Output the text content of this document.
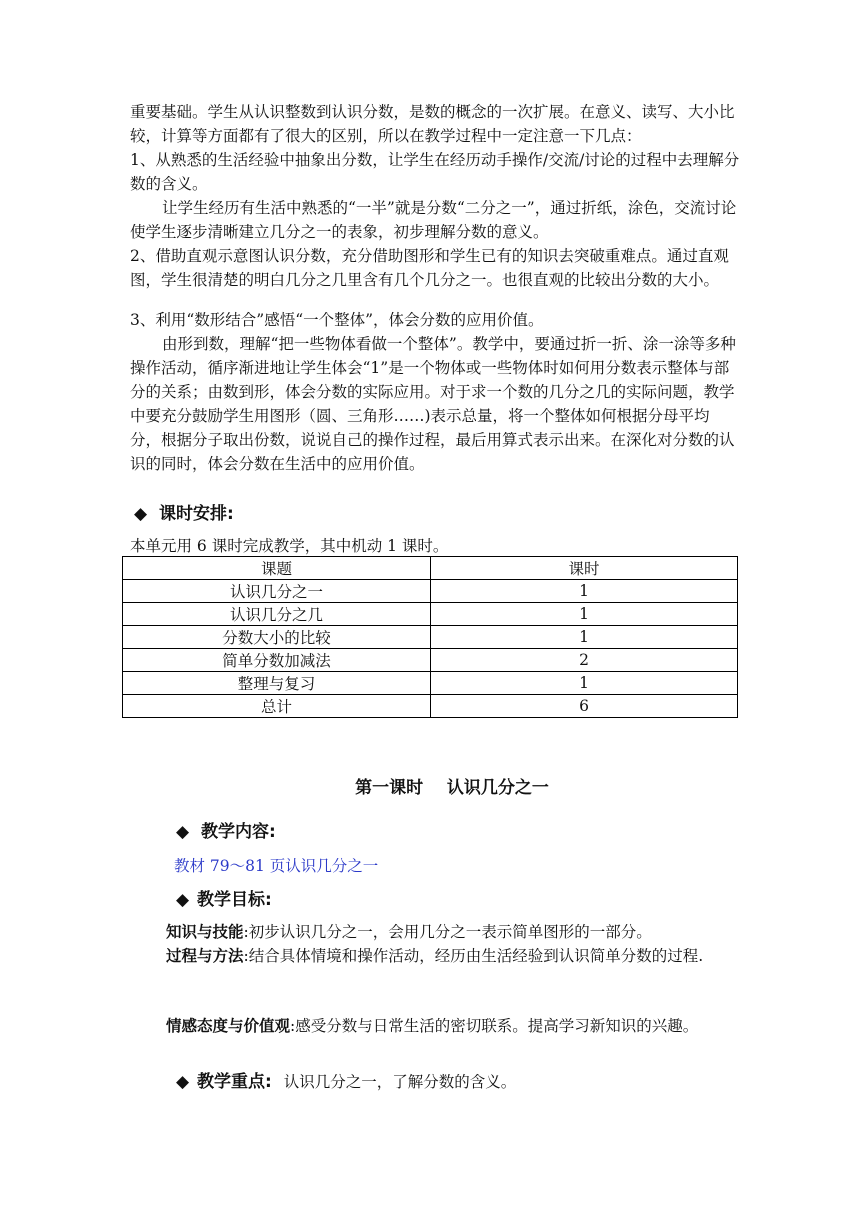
重要基础。学生从认识整数到认识分数，是数的概念的一次扩展。在意义、读写、大小比较，计算等方面都有了很大的区别，所以在教学过程中一定注意一下几点：

1、从熟悉的生活经验中抽象出分数，让学生在经历动手操作/交流/讨论的过程中去理解分数的含义。

让学生经历有生活中熟悉的“一半”就是分数“二分之一”，通过折纸，涂色，交流讨论使学生逐步清晰建立几分之一的表象，初步理解分数的意义。

2、借助直观示意图认识分数，充分借助图形和学生已有的知识去突破重难点。通过直观图，学生很清楚的明白几分之几里含有几个几分之一。也很直观的比较出分数的大小。

3、利用“数形结合”感悟“一个整体”，体会分数的应用价值。

由形到数，理解“把一些物体看做一个整体”。教学中，要通过折一折、涂一涂等多种操作活动，循序渐进地让学生体会“1”是一个物体或一些物体时如何用分数表示整体与部分的关系；由数到形，体会分数的实际应用。对于求一个数的几分之几的实际问题，教学中要充分鼓励学生用图形（圆、三角形……)表示总量，将一个整体如何根据分母平均分，根据分子取出份数，说说自己的操作过程，最后用算式表示出来。在深化对分数的认识的同时，体会分数在生活中的应用价值。

◆ 课时安排:

本单元用 6 课时完成教学，其中机动 1 课时。

课题	课时
认识几分之一	1
认识几分之几	1
分数大小的比较	1
简单分数加减法	2
整理与复习	1
总计	6
第一课时    认识几分之一
◆ 教学内容:

教材 79～81 页认识几分之一

◆ 教学目标:

知识与技能:初步认识几分之一，会用几分之一表示简单图形的一部分。

过程与方法:结合具体情境和操作活动，经历由生活经验到认识简单分数的过程.

情感态度与价值观:感受分数与日常生活的密切联系。提高学习新知识的兴趣。

◆ 教学重点: 认识几分之一，了解分数的含义。
